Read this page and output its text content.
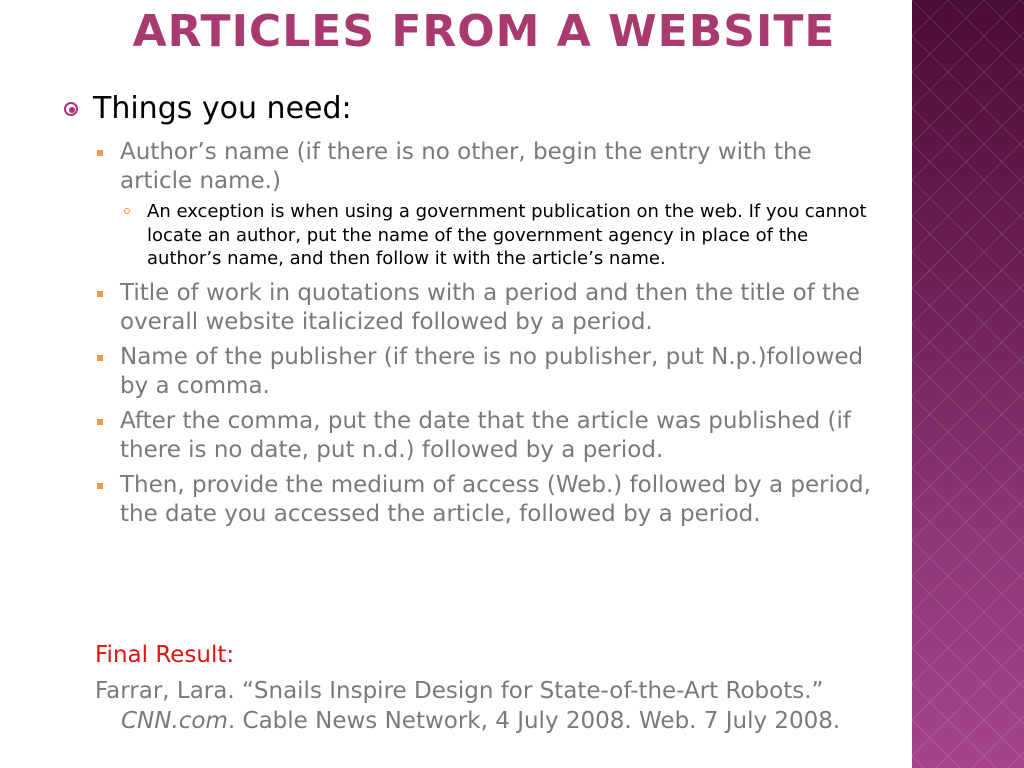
ARTICLES FROM A WEBSITE
Things you need:
Author’s name (if there is no other, begin the entry with the article name.)
An exception is when using a government publication on the web. If you cannot locate an author, put the name of the government agency in place of the author’s name, and then follow it with the article’s name.
Title of work in quotations with a period and then the title of the overall website italicized followed by a period.
Name of the publisher (if there is no publisher, put N.p.)followed by a comma.
After the comma, put the date that the article was published (if there is no date, put n.d.) followed by a period.
Then, provide the medium of access (Web.) followed by a period, the date you accessed the article, followed by a period.
Final Result:
Farrar, Lara. “Snails Inspire Design for State-of-the-Art Robots.” CNN.com. Cable News Network, 4 July 2008. Web. 7 July 2008.
